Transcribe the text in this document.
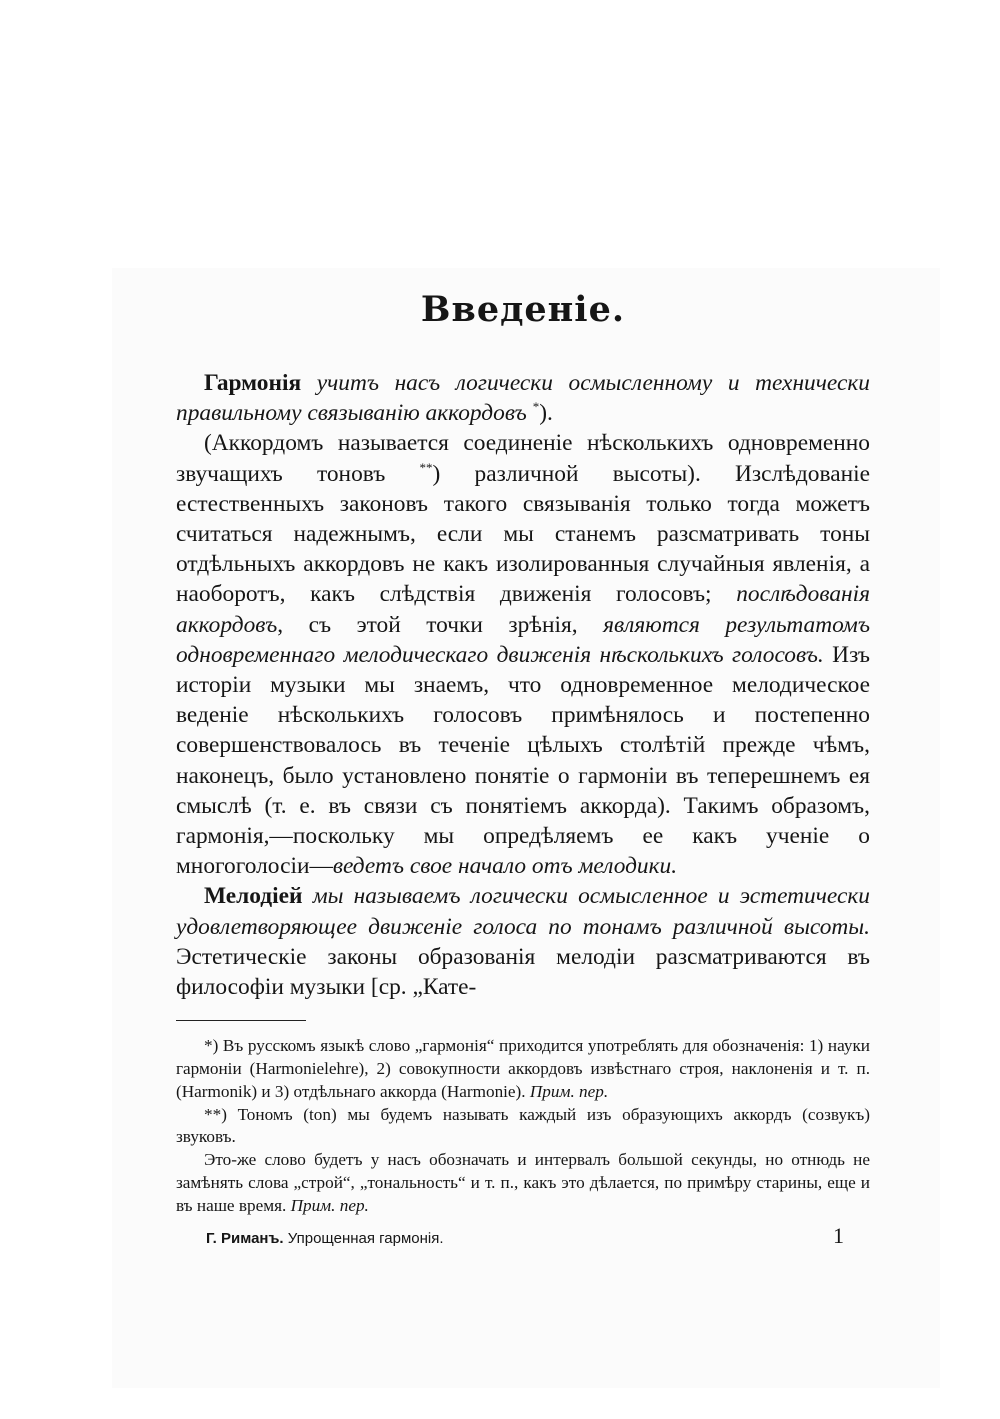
Введеніе.

Гармонія учитъ насъ логически осмысленному и технически правильному связыванію аккордовъ *).

(Аккордомъ называется соединеніе нѣсколькихъ одновременно звучащихъ тоновъ	**) различной высоты). Изслѣдованіе естественныхъ законовъ такого связыванія только тогда можетъ считаться надежнымъ, если мы станемъ разсматривать тоны отдѣльныхъ аккордовъ не какъ изолированныя случайныя явленія, а наоборотъ, какъ слѣдствія движенія голосовъ; послѣдованія аккордовъ, съ этой точки зрѣнія, являются результатомъ одновременнаго мелодическаго движенія нѣсколькихъ голосовъ. Изъ исторіи музыки мы знаемъ, что одновременное мелодическое веденіе нѣсколькихъ голосовъ примѣнялось и постепенно совершенствовалось въ теченіе цѣлыхъ столѣтій прежде чѣмъ, наконецъ, было установлено понятіе о гармоніи въ теперешнемъ ея смыслѣ (т. е. въ связи съ понятіемъ аккорда). Такимъ образомъ, гармонія,—поскольку мы опредѣляемъ ее какъ ученіе о многоголосіи—ведетъ свое начало отъ мелодики.

Мелодіей мы называемъ логически осмысленное и эстетически удовлетворяющее движеніе голоса по тонамъ различной высоты. Эстетическіе законы образованія мелодіи разсматриваются въ философіи музыки [ср. „Кате-

*) Въ русскомъ языкѣ слово „гармонія“ приходится употреблять для обозначенія: 1) науки гармоніи (Harmonielehre), 2) совокупности аккордовъ извѣстнаго строя, наклоненія и т. п. (Harmonik) и 3) отдѣльнаго аккорда (Harmonie). Прим. пер.

**) Тономъ (ton) мы будемъ называть каждый изъ образующихъ аккордъ (созвукъ) звуковъ.

Это-же слово будетъ у насъ обозначать и интервалъ большой секунды, но отнюдь не замѣнять слова „строй“, „тональность“ и т. п., какъ это дѣлается, по примѣру старины, еще и въ наше время. Прим. пер.

Г. Риманъ. Упрощенная гармонія.	1
